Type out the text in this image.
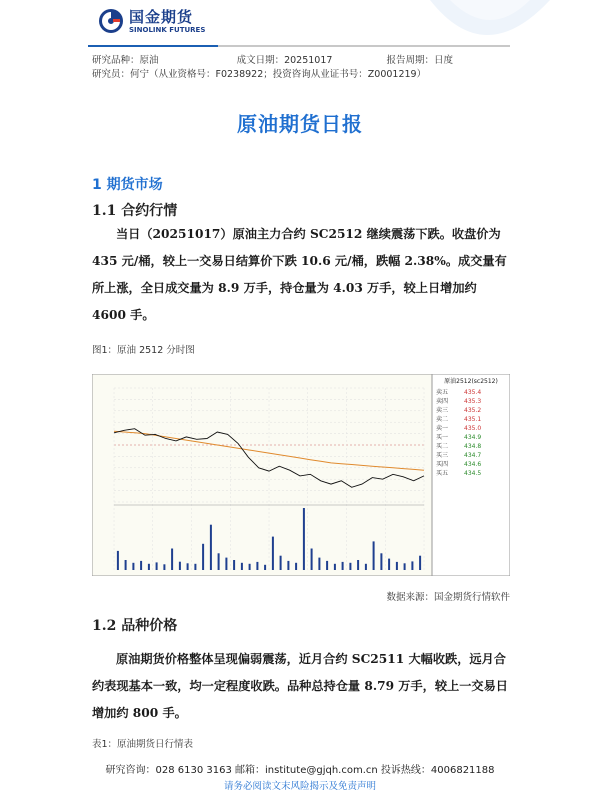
国金期货
SINOLINK FUTURES
研究品种：原油	成文日期：20251017	报告周期：日度
研究员：何宁（从业资格号：F0238922；投资咨询从业证书号：Z0001219）
原油期货日报
1 期货市场
1.1 合约行情
当日（20251017）原油主力合约 SC2512 继续震荡下跌。收盘价为 435 元/桶，较上一交易日结算价下跌 10.6 元/桶，跌幅 2.38%。成交量有所上涨，全日成交量为 8.9 万手，持仓量为 4.03 万手，较上日增加约 4600 手。
图1：原油 2512 分时图
原油2512(sc2512)
卖五	435.4
卖四	435.3
卖三	435.2
卖二	435.1
卖一	435.0
买一	434.9
买二	434.8
买三	434.7
买四	434.6
买五	434.5
数据来源：国金期货行情软件
1.2 品种价格
原油期货价格整体呈现偏弱震荡，近月合约 SC2511 大幅收跌，远月合约表现基本一致，均一定程度收跌。品种总持仓量 8.79 万手，较上一交易日增加约 800 手。
表1：原油期货日行情表
研究咨询：028 6130 3163 邮箱：institute@gjqh.com.cn 投诉热线：4006821188
请务必阅读文末风险揭示及免责声明
